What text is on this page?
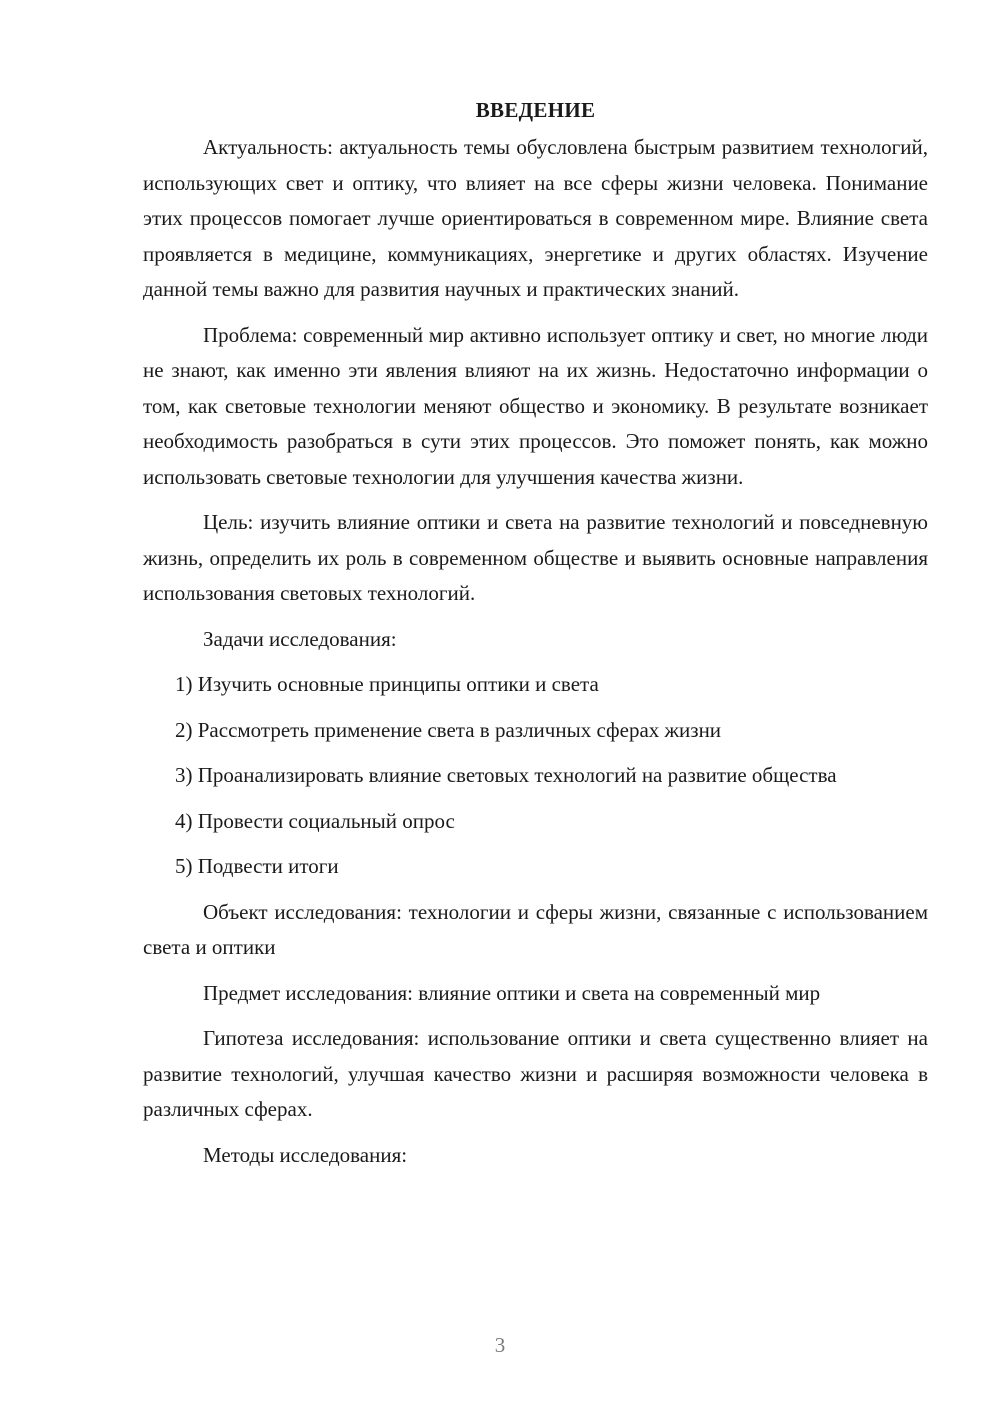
ВВЕДЕНИЕ

Актуальность: актуальность темы обусловлена быстрым развитием технологий, использующих свет и оптику, что влияет на все сферы жизни человека. Понимание этих процессов помогает лучше ориентироваться в современном мире. Влияние света проявляется в медицине, коммуникациях, энергетике и других областях. Изучение данной темы важно для развития научных и практических знаний.

Проблема: современный мир активно использует оптику и свет, но многие люди не знают, как именно эти явления влияют на их жизнь. Недостаточно информации о том, как световые технологии меняют общество и экономику. В результате возникает необходимость разобраться в сути этих процессов. Это поможет понять, как можно использовать световые технологии для улучшения качества жизни.

Цель: изучить влияние оптики и света на развитие технологий и повседневную жизнь, определить их роль в современном обществе и выявить основные направления использования световых технологий.

Задачи исследования:

1) Изучить основные принципы оптики и света

2) Рассмотреть применение света в различных сферах жизни

3) Проанализировать влияние световых технологий на развитие общества

4) Провести социальный опрос

5) Подвести итоги

Объект исследования: технологии и сферы жизни, связанные с использованием света и оптики

Предмет исследования: влияние оптики и света на современный мир

Гипотеза исследования: использование оптики и света существенно влияет на развитие технологий, улучшая качество жизни и расширяя возможности человека в различных сферах.

Методы исследования:

3
